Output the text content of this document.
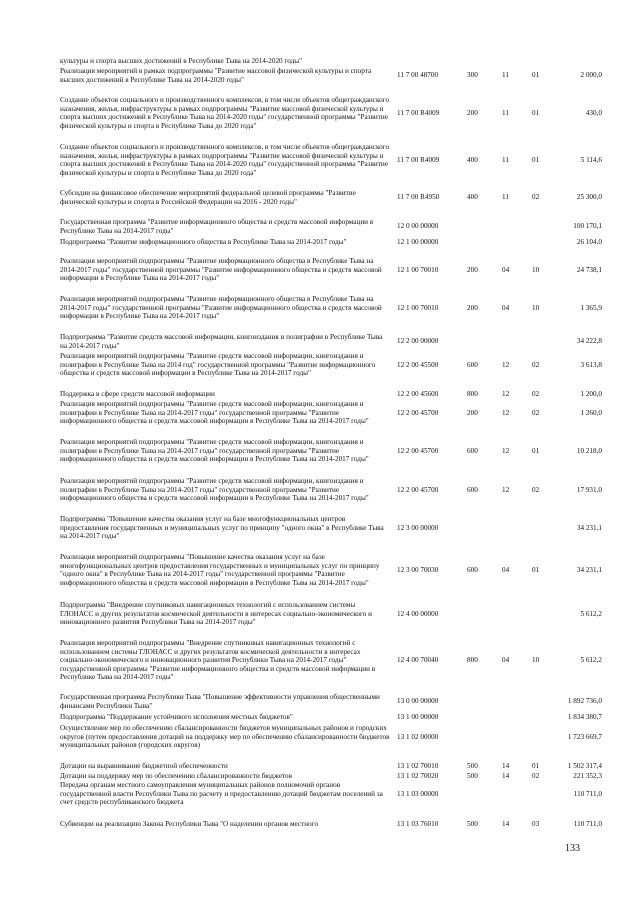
культуры и спорта высших достижений в Республике Тыва на 2014-2020 годы"
Реализация мероприятий в рамках подпрограммы "Развитие массовой физической культуры и спорта высших достижений в Республике Тыва на 2014-2020 годы"
11 7 00 48700	300	11	01	2 000,0
Создание объектов социального и производственного комплексов, в том числе объектов общегражданского назначения, жилья, инфраструктуры в рамках подпрограммы "Развитие массовой физической культуры и спорта высших достижений в Республике Тыва на 2014-2020 годы" государственной программы "Развитие физической культуры и спорта в Республике Тыва до 2020 года"
11 7 00 R4009	200	11	01	430,0
Создание объектов социального и производственного комплексов, в том числе объектов общегражданского назначения, жилья, инфраструктуры в рамках подпрограммы "Развитие массовой физической культуры и спорта высших достижений в Республике Тыва на 2014-2020 годы" государственной программы "Развитие физической культуры и спорта в Республике Тыва до 2020 года"
11 7 00 R4009	400	11	01	5 114,6
Субсидии на финансовое обеспечение мероприятий федеральной целевой программы "Развитие физической культуры и спорта в Российской Федерации на 2016 - 2020 годы"
11 7 00 R4950	400	11	02	25 300,0
Государственная программа "Развитие информационного общества и средств массовой информации в Республике Тыва на 2014-2017 годы"
12 0 00 00000	100 170,1
Подпрограмма "Развитие информационного общества в Республике Тыва на 2014-2017 годы"	12 1 00 00000	26 104,0
Реализация мероприятий подпрограммы "Развитие информационного общества в Республике Тыва на 2014-2017 годы" государственной программы "Развитие информационного общества и средств массовой информации в Республике Тыва на 2014-2017 годы"
12 1 00 70010	200	04	10	24 738,1
Реализация мероприятий подпрограммы "Развитие информационного общества в Республике Тыва на 2014-2017 годы" государственной программы "Развитие информационного общества и средств массовой информации в Республике Тыва на 2014-2017 годы"
12 1 00 70010	200	04	10	1 365,9
Подпрограмма "Развитие средств массовой информации, книгоиздания и полиграфии в Республике Тыва на 2014-2017 годы"
12 2 00 00000	34 222,8
Реализация мероприятий подпрограммы "Развитие средств массовой информации, книгоиздания и полиграфии в Республике Тыва на 2014 год" государственной программы "Развитие информационного общества и средств массовой информации в Республике Тыва на 2014-2017 годы"
12 2 00 45500	600	12	02	3 613,8
Поддержка в сфере средств массовой информации	12 2 00 45600	800	12	02	1 200,0
Реализация мероприятий подпрограммы "Развитие средств массовой информации, книгоиздания и полиграфии в Республике Тыва на 2014-2017 годы" государственной программы "Развитие информационного общества и средств массовой информации в Республике Тыва на 2014-2017 годы"
12 2 00 45700	200	12	02	1 260,0
Реализация мероприятий подпрограммы "Развитие средств массовой информации, книгоиздания и полиграфии в Республике Тыва на 2014-2017 годы" государственной программы "Развитие информационного общества и средств массовой информации в Республике Тыва на 2014-2017 годы"
12 2 00 45700	600	12	01	10 218,0
Реализация мероприятий подпрограммы "Развитие средств массовой информации, книгоиздания и полиграфии в Республике Тыва на 2014-2017 годы" государственной программы "Развитие информационного общества и средств массовой информации в Республике Тыва на 2014-2017 годы"
12 2 00 45700	600	12	02	17 931,0
Подпрограмма "Повышение качества оказания услуг на базе многофункциональных центров предоставления государственных и муниципальных услуг по принципу "одного окна" в Республике Тыва на 2014-2017 годы"
12 3 00 00000	34 231,1
Реализация мероприятий подпрограммы "Повышение качества оказания услуг на базе многофункциональных центров предоставления государственных и муниципальных услуг по принципу "одного окна" в Республике Тыва на 2014-2017 годы" государственной программы "Развитие информационного общества и средств массовой информации в Республике Тыва на 2014-2017 годы"
12 3 00 70030	600	04	01	34 231,1
Подпрограмма "Внедрение спутниковых навигационных технологий с использованием системы ГЛОНАСС и других результатов космической деятельности в интересах социально-экономического и инновационного развития Республики Тыва на 2014-2017 годы"
12 4 00 00000	5 612,2
Реализация мероприятий подпрограммы "Внедрение спутниковых навигационных технологий с использованием системы ГЛОНАСС и других результатов космической деятельности в интересах социально-экономического и инновационного развития Республики Тыва на 2014-2017 годы" государственной программы "Развитие информационного общества и средств массовой информации в Республике Тыва на 2014-2017 годы"
12 4 00 70040	800	04	10	5 612,2
Государственная программа Республики Тыва "Повышение эффективности управления общественными финансами Республики Тыва"
13 0 00 00000	1 892 736,0
Подпрограмма "Поддержание устойчивого исполнения местных бюджетов"	13 1 00 00000	1 834 380,7
Осуществление мер по обеспечению сбалансированности бюджетов муниципальных районов и городских округов (путем предоставления дотаций на поддержку мер по обеспечению сбалансированности бюджетов муниципальных районов (городских округов)
13 1 02 00000	1 723 669,7
Дотации на выравнивание бюджетной обеспеченности	13 1 02 70010	500	14	01	1 502 317,4
Дотации на поддержку мер по обеспечению сбалансированности бюджетов	13 1 02 70020	500	14	02	221 352,3
Передача органам местного самоуправления муниципальных районов полномочий органов государственной власти Республики Тыва по расчету и предоставлению дотаций бюджетам поселений за счет средств республиканского бюджета
13 1 03 00000	110 711,0
Субвенции на реализацию Закона Республики Тыва "О наделении органов местного	13 1 03 76010	500	14	03	110 711,0
133
